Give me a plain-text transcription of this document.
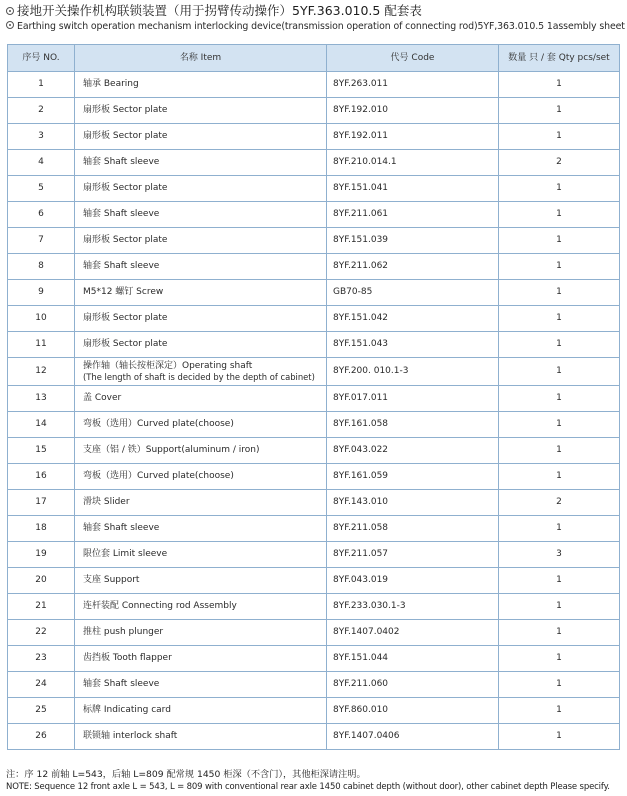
接地开关操作机构联锁装置（用于拐臂传动操作）5YF.363.010.5 配套表
Earthing switch operation mechanism interlocking device(transmission operation of connecting rod)5YF,363.010.5 1assembly sheet
序号 NO.	名称 Item	代号 Code	数量 只 / 套 Qty pcs/set
1	轴承 Bearing	8YF.263.011	1
2	扇形板 Sector plate	8YF.192.010	1
3	扇形板 Sector plate	8YF.192.011	1
4	轴套 Shaft sleeve	8YF.210.014.1	2
5	扇形板 Sector plate	8YF.151.041	1
6	轴套 Shaft sleeve	8YF.211.061	1
7	扇形板 Sector plate	8YF.151.039	1
8	轴套 Shaft sleeve	8YF.211.062	1
9	M5*12 螺钉 Screw	GB70-85	1
10	扇形板 Sector plate	8YF.151.042	1
11	扇形板 Sector plate	8YF.151.043	1
12	操作轴（轴长按柜深定）Operating shaft
(The length of shaft is decided by the depth of cabinet)	8YF.200. 010.1-3	1
13	盖 Cover	8YF.017.011	1
14	弯板（选用）Curved plate(choose)	8YF.161.058	1
15	支座（铝 / 铁）Support(aluminum / iron)	8YF.043.022	1
16	弯板（选用）Curved plate(choose)	8YF.161.059	1
17	滑块 Slider	8YF.143.010	2
18	轴套 Shaft sleeve	8YF.211.058	1
19	限位套 Limit sleeve	8YF.211.057	3
20	支座 Support	8YF.043.019	1
21	连杆装配 Connecting rod Assembly	8YF.233.030.1-3	1
22	推柱 push plunger	8YF.1407.0402	1
23	齿挡板 Tooth flapper	8YF.151.044	1
24	轴套 Shaft sleeve	8YF.211.060	1
25	标牌 Indicating card	8YF.860.010	1
26	联锁轴 interlock shaft	8YF.1407.0406	1
注：序 12 前轴 L=543，后轴 L=809 配常规 1450 柜深（不含门），其他柜深请注明。
NOTE: Sequence 12 front axle L = 543, L = 809 with conventional rear axle 1450 cabinet depth (without door), other cabinet depth Please specify.
